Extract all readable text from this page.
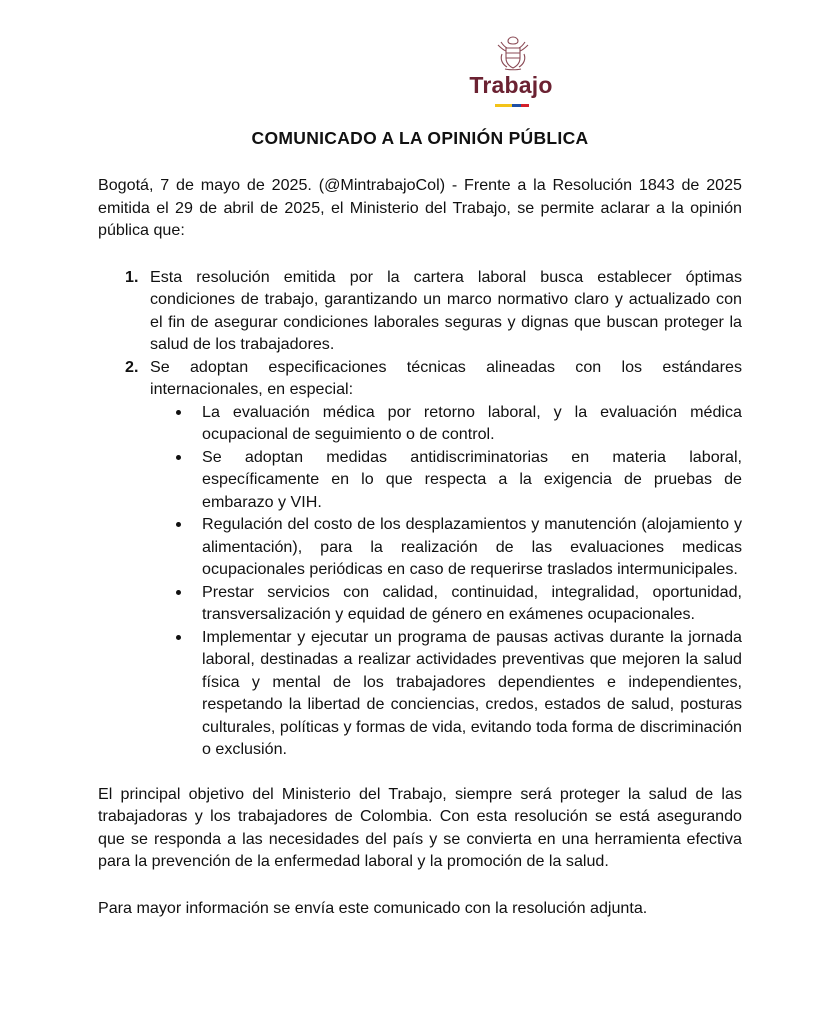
Trabajo
COMUNICADO A LA OPINIÓN PÚBLICA

Bogotá, 7 de mayo de 2025. (@MintrabajoCol) - Frente a la Resolución 1843 de 2025 emitida el 29 de abril de 2025, el Ministerio del Trabajo, se permite aclarar a la opinión pública que:

1. Esta resolución emitida por la cartera laboral busca establecer óptimas condiciones de trabajo, garantizando un marco normativo claro y actualizado con el fin de asegurar condiciones laborales seguras y dignas que buscan proteger la salud de los trabajadores.
2. Se adoptan especificaciones técnicas alineadas con los estándares internacionales, en especial:
La evaluación médica por retorno laboral, y la evaluación médica ocupacional de seguimiento o de control.
Se adoptan medidas antidiscriminatorias en materia laboral, específicamente en lo que respecta a la exigencia de pruebas de embarazo y VIH.
Regulación del costo de los desplazamientos y manutención (alojamiento y alimentación), para la realización de las evaluaciones medicas ocupacionales periódicas en caso de requerirse traslados intermunicipales.
Prestar servicios con calidad, continuidad, integralidad, oportunidad, transversalización y equidad de género en exámenes ocupacionales.
Implementar y ejecutar un programa de pausas activas durante la jornada laboral, destinadas a realizar actividades preventivas que mejoren la salud física y mental de los trabajadores dependientes e independientes, respetando la libertad de conciencias, credos, estados de salud, posturas culturales, políticas y formas de vida, evitando toda forma de discriminación o exclusión.

El principal objetivo del Ministerio del Trabajo, siempre será proteger la salud de las trabajadoras y los trabajadores de Colombia. Con esta resolución se está asegurando que se responda a las necesidades del país y se convierta en una herramienta efectiva para la prevención de la enfermedad laboral y la promoción de la salud.

Para mayor información se envía este comunicado con la resolución adjunta.
